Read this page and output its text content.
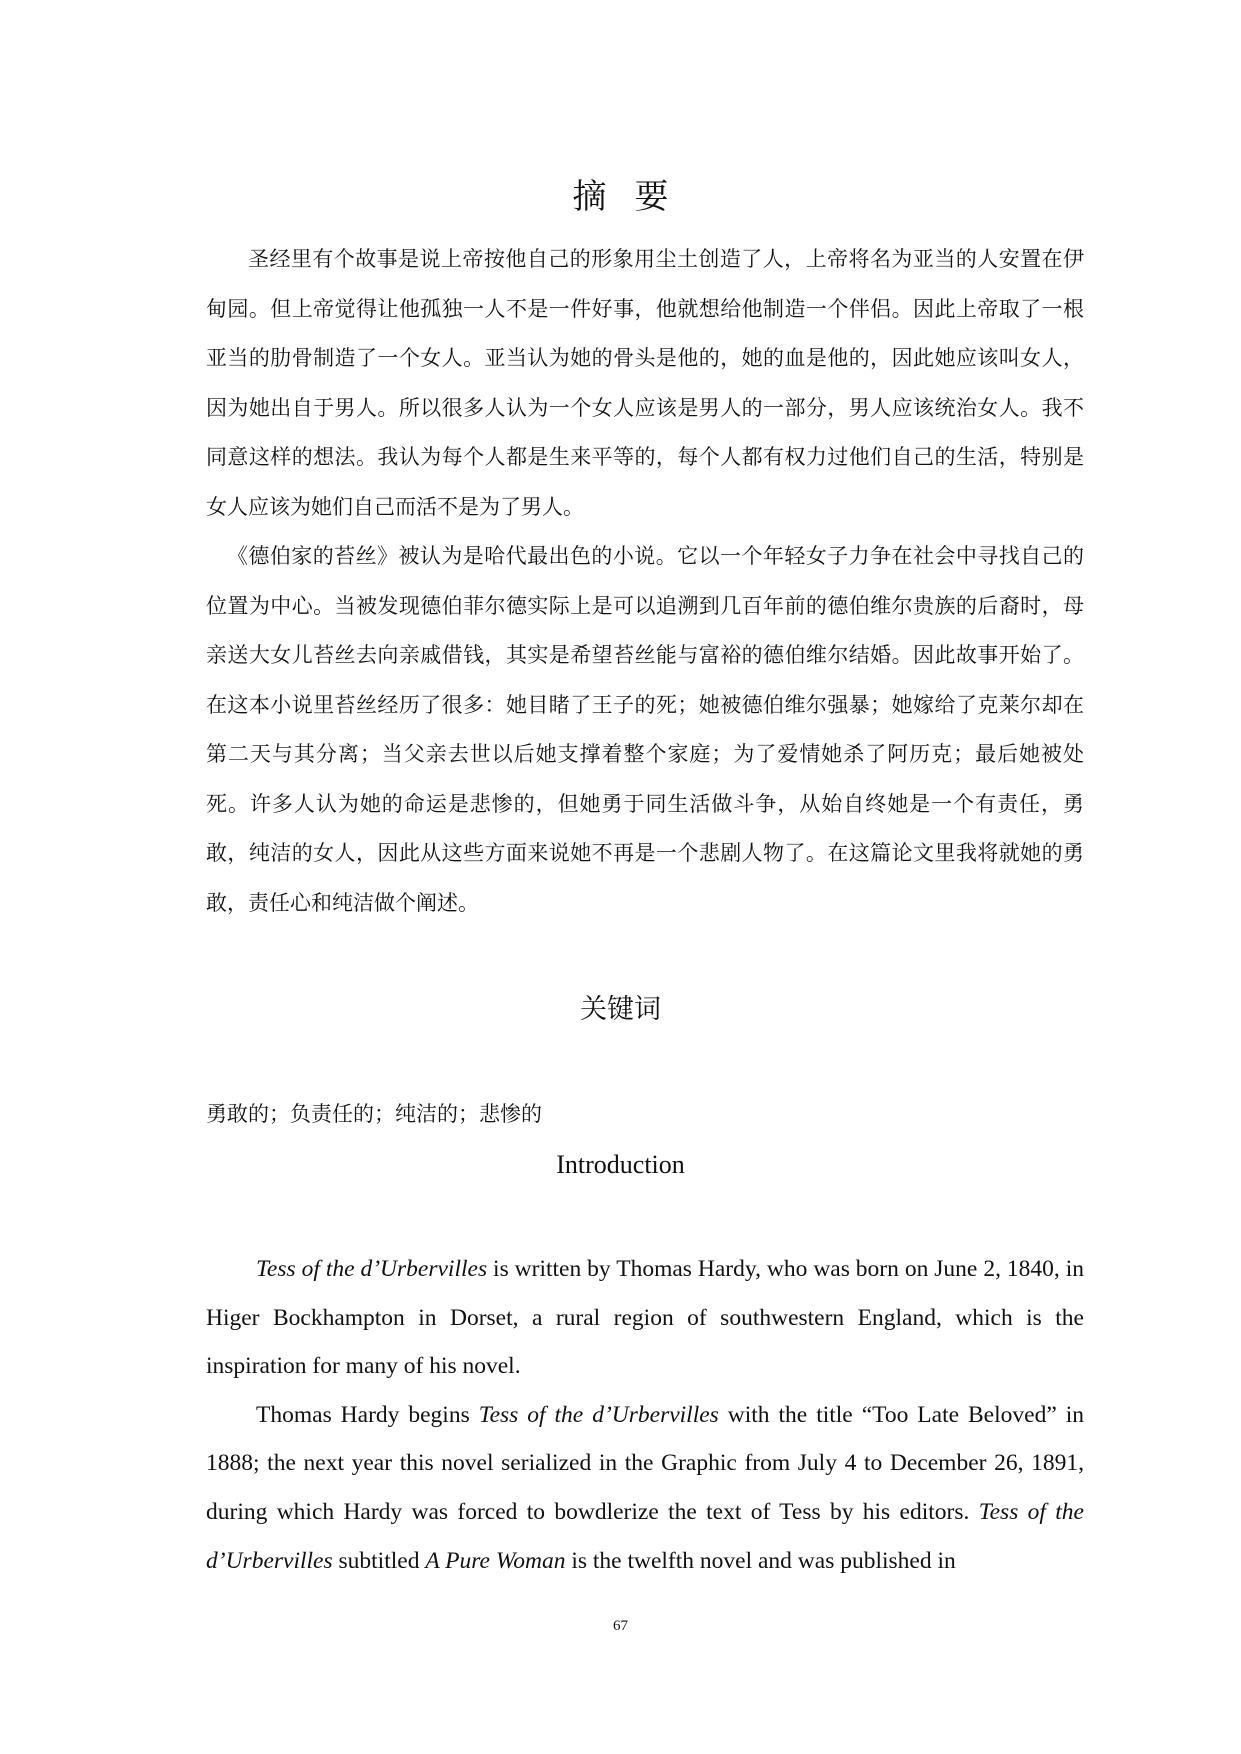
摘 要

圣经里有个故事是说上帝按他自己的形象用尘土创造了人，上帝将名为亚当的人安置在伊甸园。但上帝觉得让他孤独一人不是一件好事，他就想给他制造一个伴侣。因此上帝取了一根亚当的肋骨制造了一个女人。亚当认为她的骨头是他的，她的血是他的，因此她应该叫女人，因为她出自于男人。所以很多人认为一个女人应该是男人的一部分，男人应该统治女人。我不同意这样的想法。我认为每个人都是生来平等的，每个人都有权力过他们自己的生活，特别是女人应该为她们自己而活不是为了男人。

《德伯家的苔丝》被认为是哈代最出色的小说。它以一个年轻女子力争在社会中寻找自己的位置为中心。当被发现德伯菲尔德实际上是可以追溯到几百年前的德伯维尔贵族的后裔时，母亲送大女儿苔丝去向亲戚借钱，其实是希望苔丝能与富裕的德伯维尔结婚。因此故事开始了。在这本小说里苔丝经历了很多：她目睹了王子的死；她被德伯维尔强暴；她嫁给了克莱尔却在第二天与其分离；当父亲去世以后她支撑着整个家庭；为了爱情她杀了阿历克；最后她被处死。许多人认为她的命运是悲惨的，但她勇于同生活做斗争，从始自终她是一个有责任，勇敢，纯洁的女人，因此从这些方面来说她不再是一个悲剧人物了。在这篇论文里我将就她的勇敢，责任心和纯洁做个阐述。

关键词
勇敢的；负责任的；纯洁的；悲惨的
Introduction

Tess of the d’Urbervilles is written by Thomas Hardy, who was born on June 2, 1840, in Higer Bockhampton in Dorset, a rural region of southwestern England, which is the inspiration for many of his novel.

Thomas Hardy begins Tess of the d’Urbervilles with the title “Too Late Beloved” in 1888; the next year this novel serialized in the Graphic from July 4 to December 26, 1891, during which Hardy was forced to bowdlerize the text of Tess by his editors. Tess of the d’Urbervilles subtitled A Pure Woman is the twelfth novel and was published in

67
